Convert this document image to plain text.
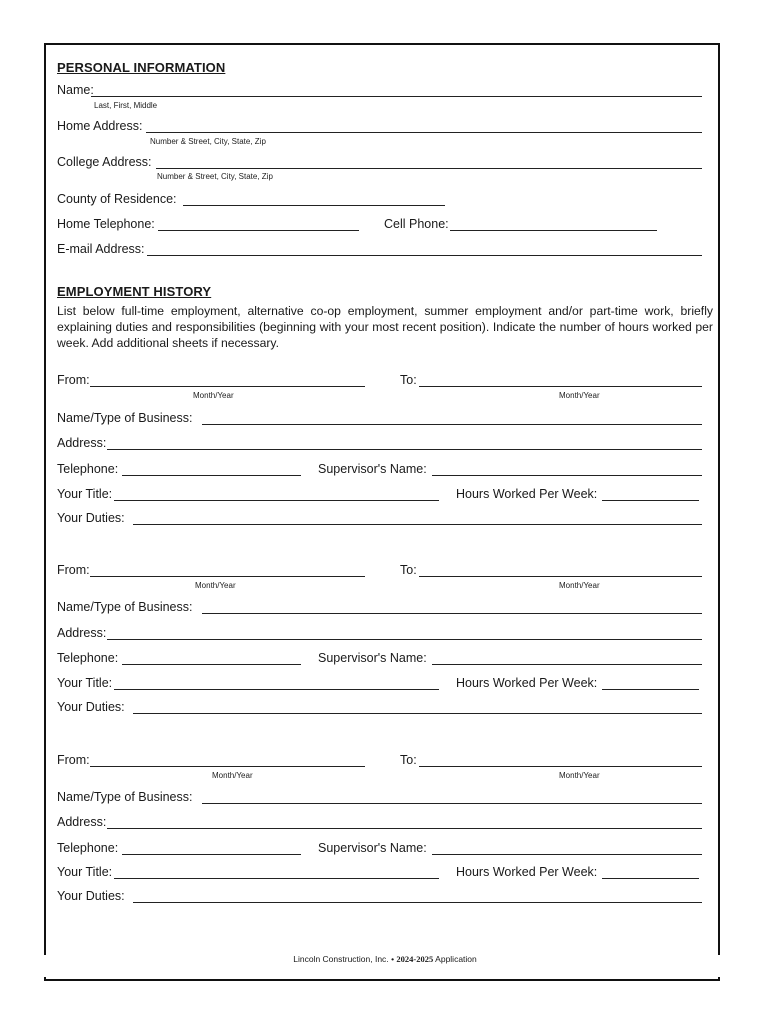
PERSONAL INFORMATION
Name:
Last, First, Middle
Home Address:
Number & Street, City, State, Zip
College Address:
Number & Street, City, State, Zip
County of Residence:
Home Telephone:	Cell Phone:
E-mail Address:
EMPLOYMENT HISTORY
List below full-time employment, alternative co-op employment, summer employment and/or part-time work, briefly explaining duties and responsibilities (beginning with your most recent position). Indicate the number of hours worked per week. Add additional sheets if necessary.
From:
Month/Year
To:
Month/Year
Name/Type of Business:
Address:
Telephone:	Supervisor's Name:
Your Title:	Hours Worked Per Week:
Your Duties:
From:
Month/Year
To:
Month/Year
Name/Type of Business:
Address:
Telephone:	Supervisor's Name:
Your Title:	Hours Worked Per Week:
Your Duties:
From:
Month/Year
To:
Month/Year
Name/Type of Business:
Address:
Telephone:	Supervisor's Name:
Your Title:	Hours Worked Per Week:
Your Duties:
Lincoln Construction, Inc. • 2024-2025 Application
